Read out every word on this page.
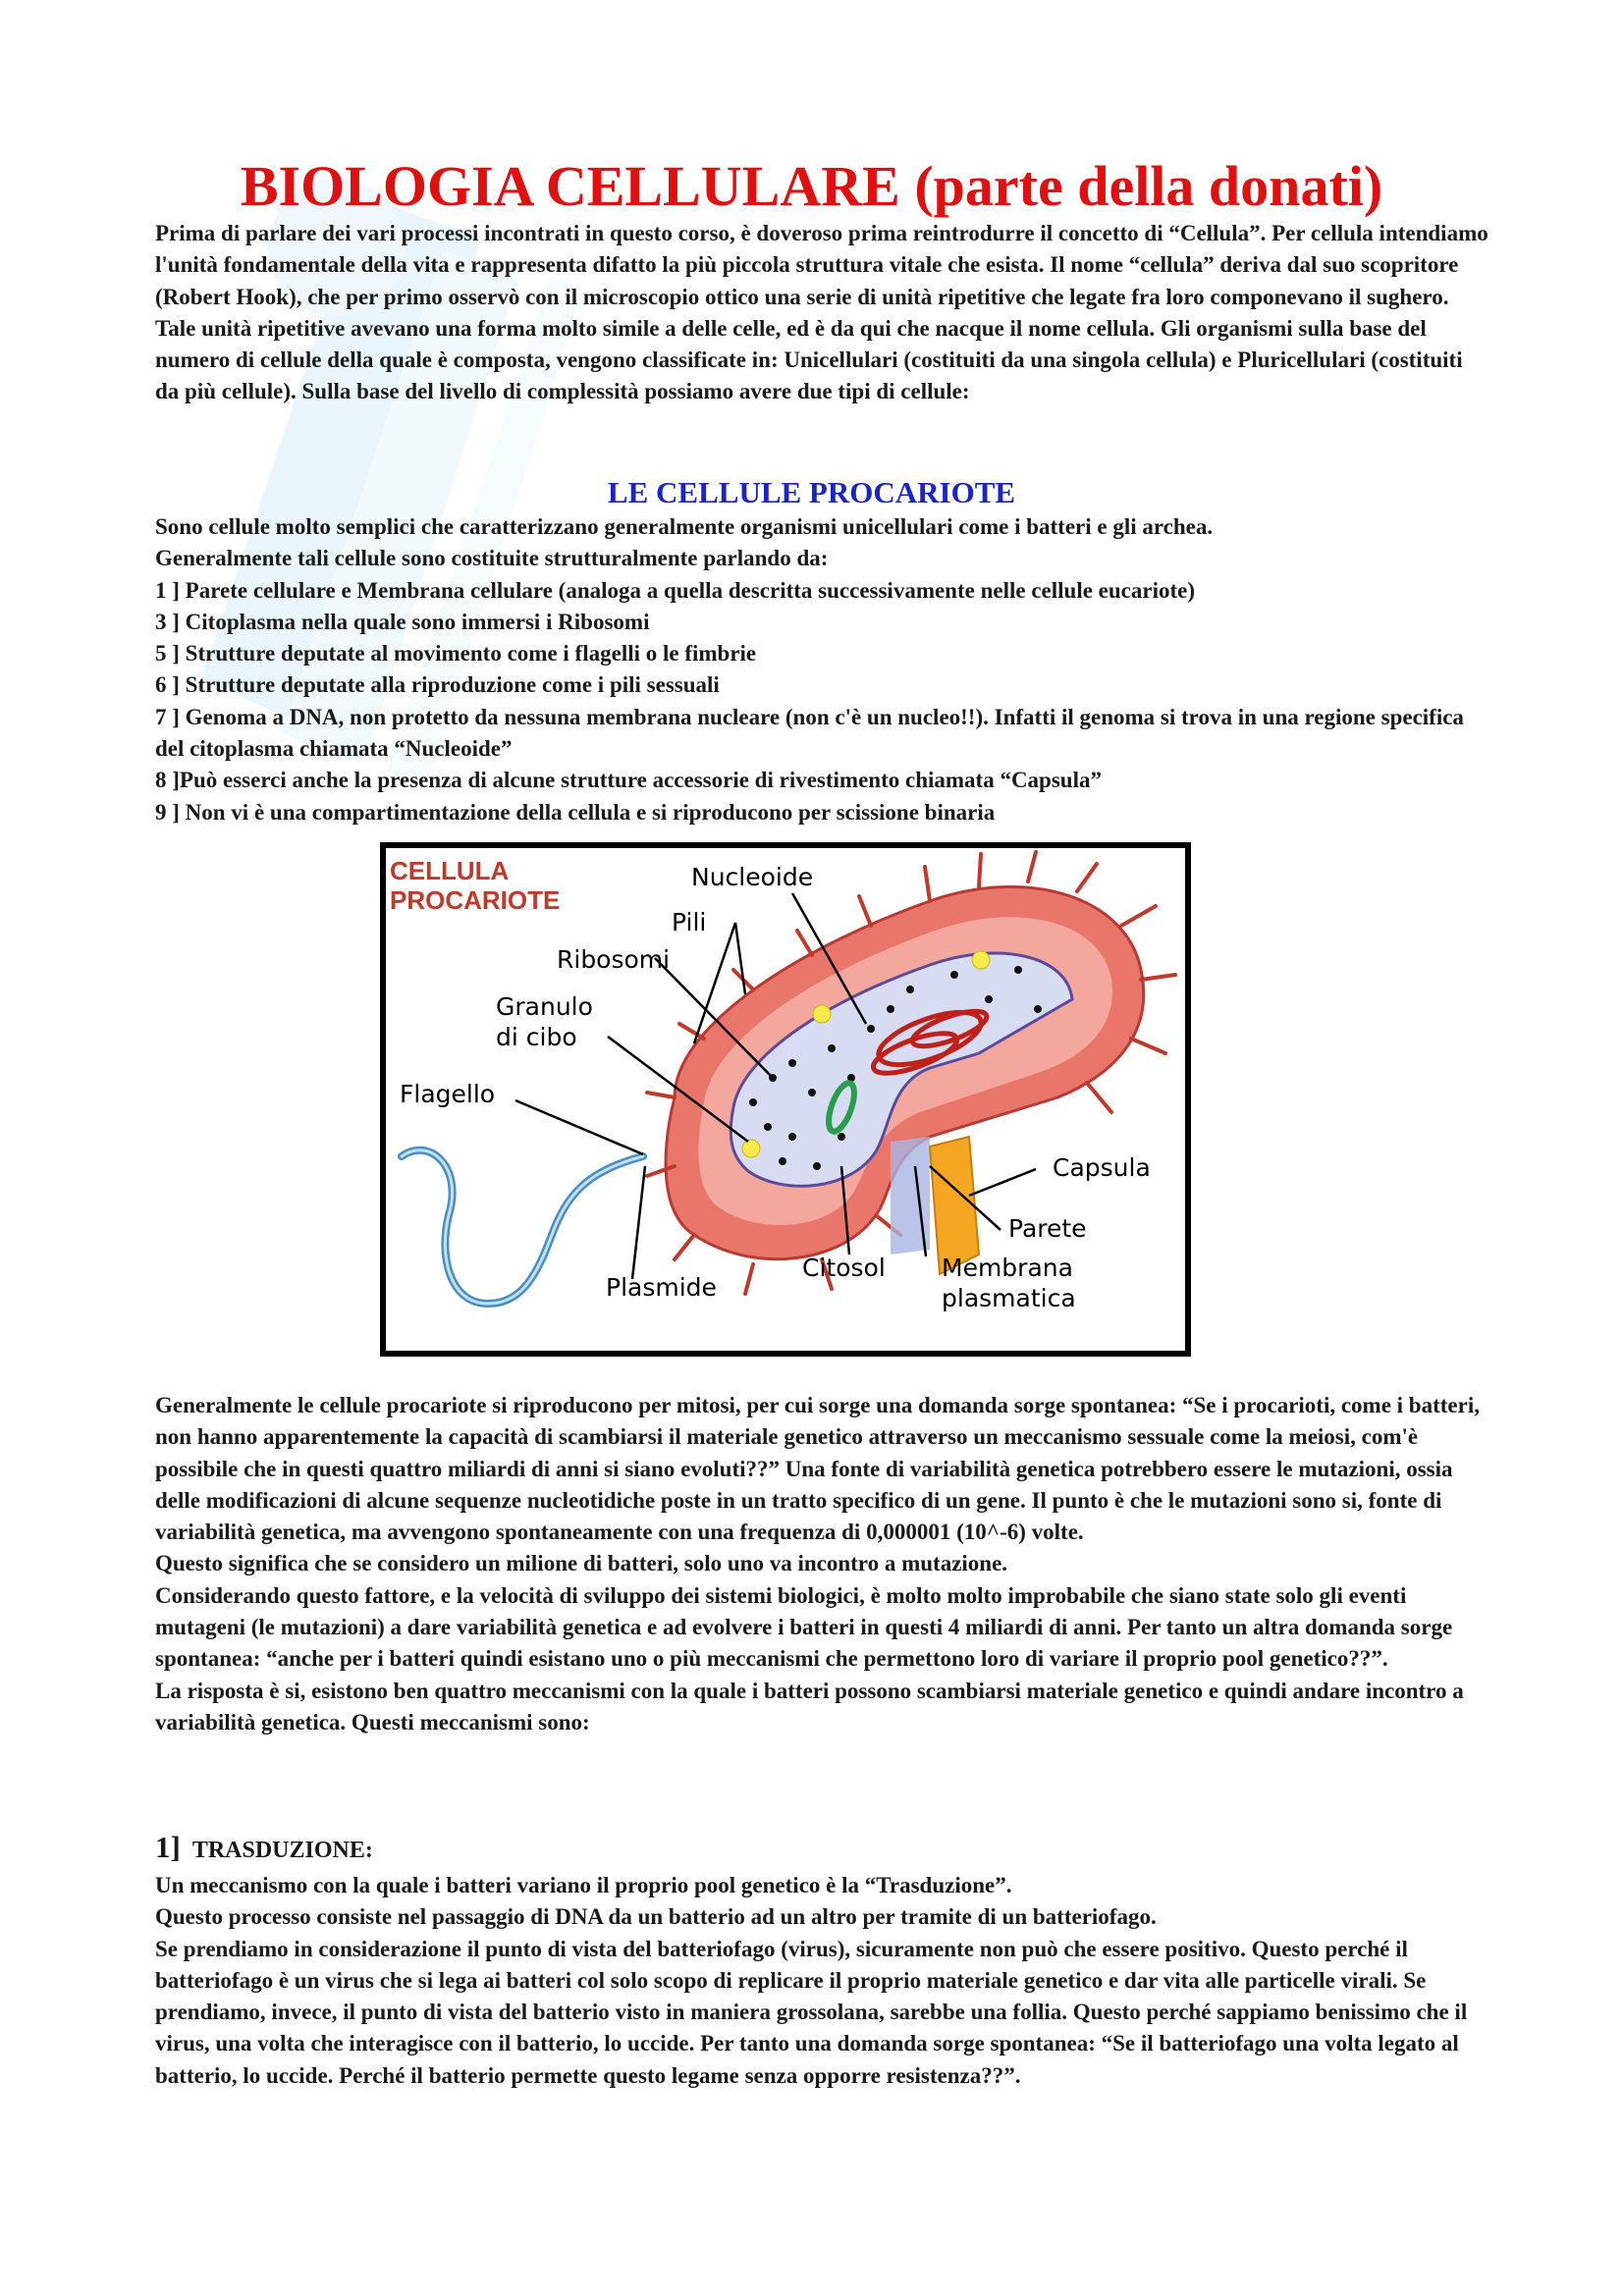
BIOLOGIA CELLULARE (parte della donati)

Prima di parlare dei vari processi incontrati in questo corso, è doveroso prima reintrodurre il concetto di “Cellula”. Per cellula intendiamo l'unità fondamentale della vita e rappresenta difatto la più piccola struttura vitale che esista. Il nome “cellula” deriva dal suo scopritore (Robert Hook), che per primo osservò con il microscopio ottico una serie di unità ripetitive che legate fra loro componevano il sughero. Tale unità ripetitive avevano una forma molto simile a delle celle, ed è da qui che nacque il nome cellula. Gli organismi sulla base del numero di cellule della quale è composta, vengono classificate in: Unicellulari (costituiti da una singola cellula) e Pluricellulari (costituiti da più cellule). Sulla base del livello di complessità possiamo avere due tipi di cellule:

LE CELLULE PROCARIOTE

Sono cellule molto semplici che caratterizzano generalmente organismi unicellulari come i batteri e gli archea.

Generalmente tali cellule sono costituite strutturalmente parlando da:

1 ] Parete cellulare e Membrana cellulare (analoga a quella descritta successivamente nelle cellule eucariote)

3 ] Citoplasma nella quale sono immersi i Ribosomi

5 ] Strutture deputate al movimento come i flagelli o le fimbrie

6 ] Strutture deputate alla riproduzione come i pili sessuali

7 ] Genoma a DNA, non protetto da nessuna membrana nucleare (non c'è un nucleo!!). Infatti il genoma si trova in una regione specifica del citoplasma chiamata “Nucleoide”

8 ]Può esserci anche la presenza di alcune strutture accessorie di rivestimento chiamata “Capsula”

9 ] Non vi è una compartimentazione della cellula e si riproducono per scissione binaria

CELLULA
PROCARIOTE
Nucleoide
Pili
Ribosomi
Granulo
di cibo
Flagello
Capsula
Parete
Plasmide
Citosol Membrana
plasmatica

Generalmente le cellule procariote si riproducono per mitosi, per cui sorge una domanda sorge spontanea: “Se i procarioti, come i batteri, non hanno apparentemente la capacità di scambiarsi il materiale genetico attraverso un meccanismo sessuale come la meiosi, com'è possibile che in questi quattro miliardi di anni si siano evoluti??” Una fonte di variabilità genetica potrebbero essere le mutazioni, ossia delle modificazioni di alcune sequenze nucleotidiche poste in un tratto specifico di un gene. Il punto è che le mutazioni sono si, fonte di variabilità genetica, ma avvengono spontaneamente con una frequenza di 0,000001 (10^-6) volte.

Questo significa che se considero un milione di batteri, solo uno va incontro a mutazione.

Considerando questo fattore, e la velocità di sviluppo dei sistemi biologici, è molto molto improbabile che siano state solo gli eventi mutageni (le mutazioni) a dare variabilità genetica e ad evolvere i batteri in questi 4 miliardi di anni. Per tanto un altra domanda sorge spontanea: “anche per i batteri quindi esistano uno o più meccanismi che permettono loro di variare il proprio pool genetico??”.

La risposta è si, esistono ben quattro meccanismi con la quale i batteri possono scambiarsi materiale genetico e quindi andare incontro a variabilità genetica. Questi meccanismi sono:

1] TRASDUZIONE:

Un meccanismo con la quale i batteri variano il proprio pool genetico è la “Trasduzione”.

Questo processo consiste nel passaggio di DNA da un batterio ad un altro per tramite di un batteriofago.

Se prendiamo in considerazione il punto di vista del batteriofago (virus), sicuramente non può che essere positivo. Questo perché il batteriofago è un virus che si lega ai batteri col solo scopo di replicare il proprio materiale genetico e dar vita alle particelle virali. Se prendiamo, invece, il punto di vista del batterio visto in maniera grossolana, sarebbe una follia. Questo perché sappiamo benissimo che il virus, una volta che interagisce con il batterio, lo uccide. Per tanto una domanda sorge spontanea: “Se il batteriofago una volta legato al batterio, lo uccide. Perché il batterio permette questo legame senza opporre resistenza??”.
